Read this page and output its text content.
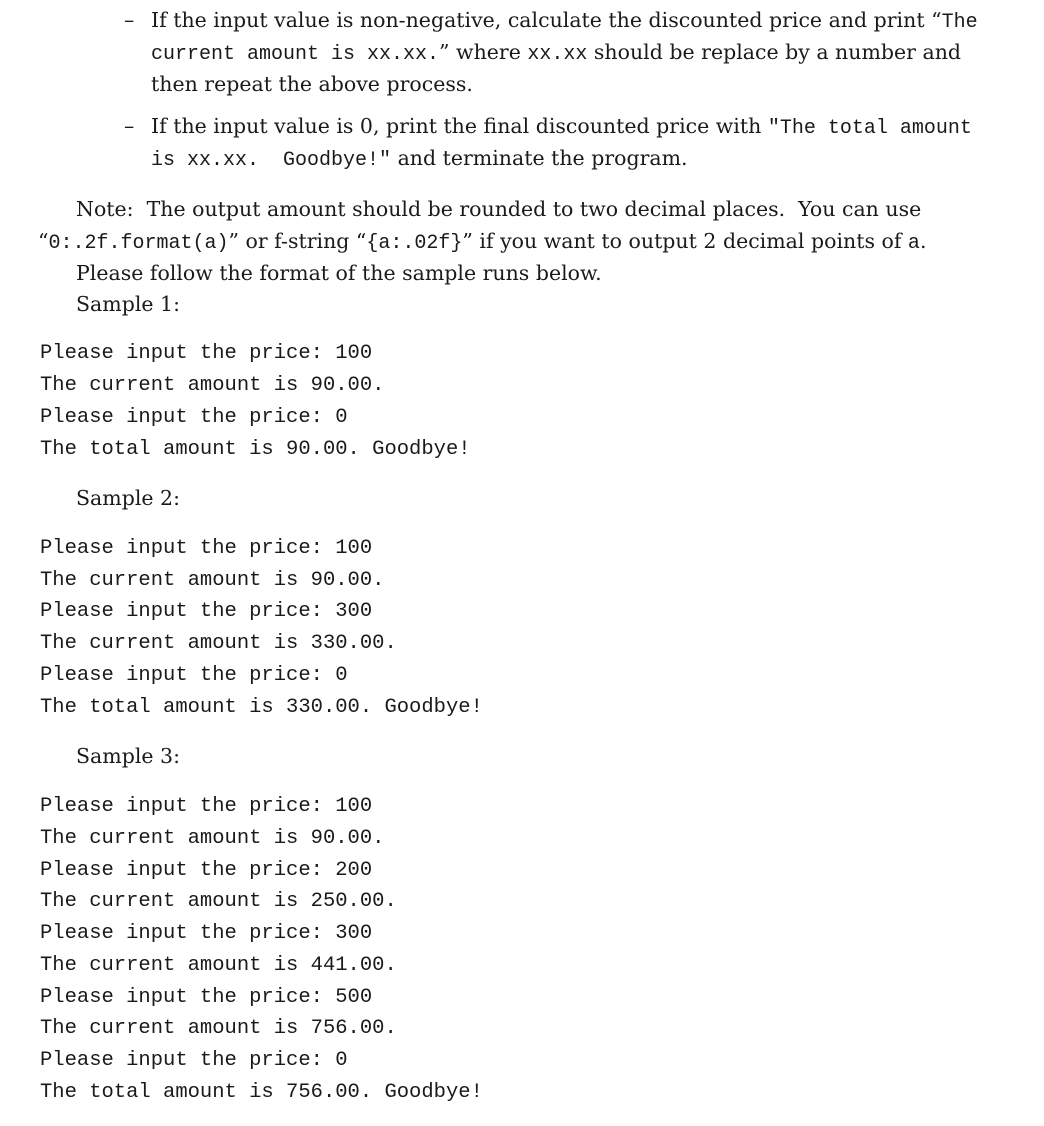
– If the input value is non-negative, calculate the discounted price and print “The
current amount is xx.xx.” where xx.xx should be replace by a number and
then repeat the above process.
– If the input value is 0, print the final discounted price with "The total amount
is xx.xx.  Goodbye!" and terminate the program.
Note:  The output amount should be rounded to two decimal places.  You can use
“0:.2f.format(a)” or f-string “{a:.02f}” if you want to output 2 decimal points of a.
Please follow the format of the sample runs below.
Sample 1:
Please input the price: 100
The current amount is 90.00.
Please input the price: 0
The total amount is 90.00. Goodbye!
Sample 2:
Please input the price: 100
The current amount is 90.00.
Please input the price: 300
The current amount is 330.00.
Please input the price: 0
The total amount is 330.00. Goodbye!
Sample 3:
Please input the price: 100
The current amount is 90.00.
Please input the price: 200
The current amount is 250.00.
Please input the price: 300
The current amount is 441.00.
Please input the price: 500
The current amount is 756.00.
Please input the price: 0
The total amount is 756.00. Goodbye!
